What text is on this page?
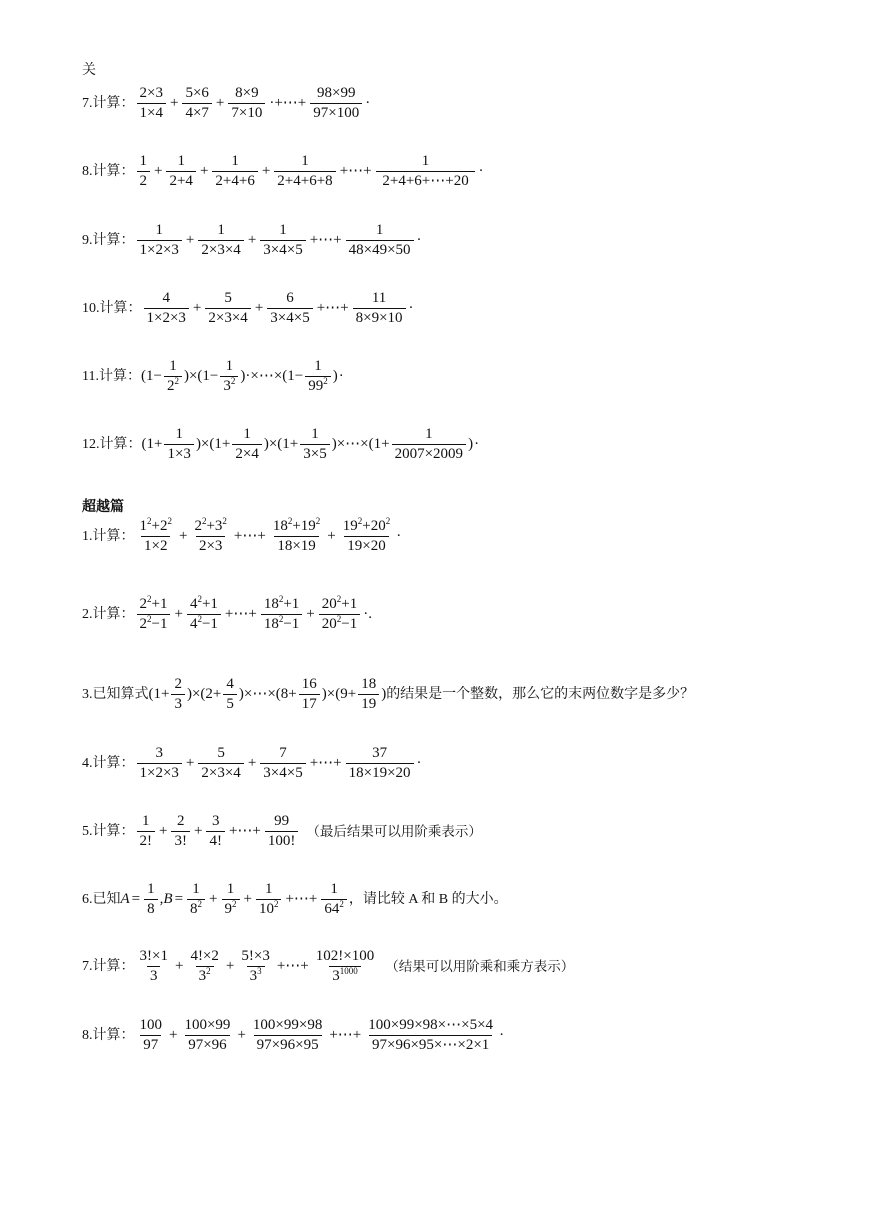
关
7.计算： $\frac{2\times 3}{1\times 4} + \frac{5\times 6}{4\times 7} + \frac{8\times 9}{7\times 10}$ ·+⋯+ $\frac{98\times 99}{97\times 100}$ ·
8.计算： $\frac{1}{2} + \frac{1}{2+4} + \frac{1}{2+4+6} + \frac{1}{2+4+6+8}$ +⋯+ $\frac{1}{2+4+6+\cdots+20}$ ·
9.计算： $\frac{1}{1\times 2\times 3} + \frac{1}{2\times 3\times 4} + \frac{1}{3\times 4\times 5}$ +⋯+ $\frac{1}{48\times 49\times 50}$ ·
10.计算： $\frac{4}{1\times 2\times 3} + \frac{5}{2\times 3\times 4} + \frac{6}{3\times 4\times 5}$ +⋯+ $\frac{11}{8\times 9\times 10}$ ·
11.计算： $(1- \frac{1}{2^2} )\times(1- \frac{1}{3^2}$ )·×⋯×(1− $\frac{1}{99^2}$ )·
12.计算： $(1+ \frac{1}{1\times 3} )\times(1+ \frac{1}{2\times 4} )\times(1+ \frac{1}{3\times 5}$ )×⋯×(1+ $\frac{1}{2007\times 2009}$ )·
超越篇
1.计算： $\frac{1^2+2^2}{1\times 2} + \frac{2^2+3^2}{2\times 3}$ +⋯+ $\frac{18^2+19^2}{18\times 19} + \frac{19^2+20^2}{19\times 20}$ ·
2.计算： $\frac{2^2+1}{2^2-1} + \frac{4^2+1}{4^2-1}$ +⋯+ $\frac{18^2+1}{18^2-1} + \frac{20^2+1}{20^2-1}$ ·.
3.已知算式 $(1+ \frac{2}{3} )\times(2+ \frac{4}{5}$ )×⋯×(8+ $\frac{16}{17} )\times(9+ \frac{18}{19}$ ) 的结果是一个整数，那么它的末两位数字是多少？
4.计算： $\frac{3}{1\times 2\times 3} + \frac{5}{2\times 3\times 4} + \frac{7}{3\times 4\times 5}$ +⋯+ $\frac{37}{18\times 19\times 20}$ ·
5.计算： $\frac{1}{2!} + \frac{2}{3!} + \frac{3}{4!}$ +⋯+ $\frac{99}{100!}$ （最后结果可以用阶乘表示）
6.已知 $A = \frac{1}{8} ,B = \frac{1}{8^2} + \frac{1}{9^2} + \frac{1}{10^2}$ +⋯+ $\frac{1}{64^2}$ ，请比较 A 和 B 的大小。
7.计算： $\frac{3!\times 1}{3} + \frac{4!\times 2}{3^2} + \frac{5!\times 3}{3^3}$ +⋯+ $\frac{102!\times 100}{3^{1000}}$ （结果可以用阶乘和乘方表示）
8.计算： $\frac{100}{97} + \frac{100\times 99}{97\times 96} + \frac{100\times 99\times 98}{97\times 96\times 95}$ +⋯+ $\frac{100\times 99\times 98\times\cdots\times 5\times 4}{97\times 96\times 95\times\cdots\times 2\times 1}$ ·
